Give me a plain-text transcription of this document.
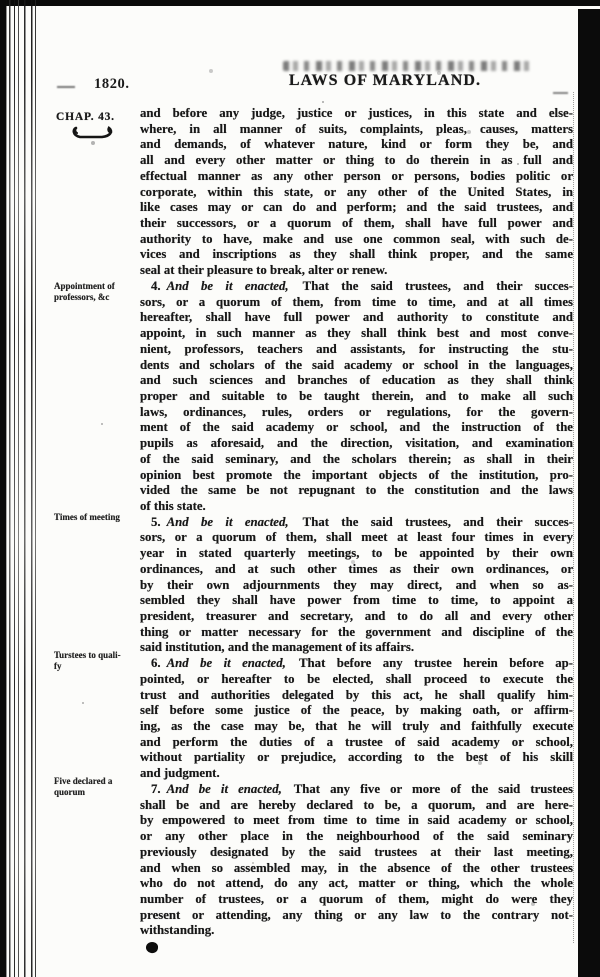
1820.	LAWS OF MARYLAND.
CHAP. 43.
Appointment of
professors, &c
Times of meeting
Turstees to quali-
fy
Five declared a
quorum
and before any judge, justice or justices, in this state and else-
where, in all manner of suits, complaints, pleas, causes, matters
and demands, of whatever nature, kind or form they be, and
all and every other matter or thing to do therein in as full and
effectual manner as any other person or persons, bodies politic or
corporate, within this state, or any other of the United States, in
like cases may or can do and perform; and the said trustees, and
their successors, or a quorum of them, shall have full power and
authority to have, make and use one common seal, with such de-
vices and inscriptions as they shall think proper, and the same
seal at their pleasure to break, alter or renew.
4. And be it enacted, That the said trustees, and their succes-
sors, or a quorum of them, from time to time, and at all times
hereafter, shall have full power and authority to constitute and
appoint, in such manner as they shall think best and most conve-
nient, professors, teachers and assistants, for instructing the stu-
dents and scholars of the said academy or school in the languages,
and such sciences and branches of education as they shall think
proper and suitable to be taught therein, and to make all such
laws, ordinances, rules, orders or regulations, for the govern-
ment of the said academy or school, and the instruction of the
pupils as aforesaid, and the direction, visitation, and examination
of the said seminary, and the scholars therein; as shall in their
opinion best promote the important objects of the institution, pro-
vided the same be not repugnant to the constitution and the laws
of this state.
5. And be it enacted, That the said trustees, and their succes-
sors, or a quorum of them, shall meet at least four times in every
year in stated quarterly meetings, to be appointed by their own
ordinances, and at such other times as their own ordinances, or
by their own adjournments they may direct, and when so as-
sembled they shall have power from time to time, to appoint a
president, treasurer and secretary, and to do all and every other
thing or matter necessary for the government and discipline of the
said institution, and the management of its affairs.
6. And be it enacted, That before any trustee herein before ap-
pointed, or hereafter to be elected, shall proceed to execute the
trust and authorities delegated by this act, he shall qualify him-
self before some justice of the peace, by making oath, or affirm-
ing, as the case may be, that he will truly and faithfully execute
and perform the duties of a trustee of said academy or school,
without partiality or prejudice, according to the best of his skill
and judgment.
7. And be it enacted, That any five or more of the said trustees
shall be and are hereby declared to be, a quorum, and are here-
by empowered to meet from time to time in said academy or school,
or any other place in the neighbourhood of the said seminary
previously designated by the said trustees at their last meeting,
and when so assembled may, in the absence of the other trustees
who do not attend, do any act, matter or thing, which the whole
number of trustees, or a quorum of them, might do were they
present or attending, any thing or any law to the contrary not-
withstanding.
